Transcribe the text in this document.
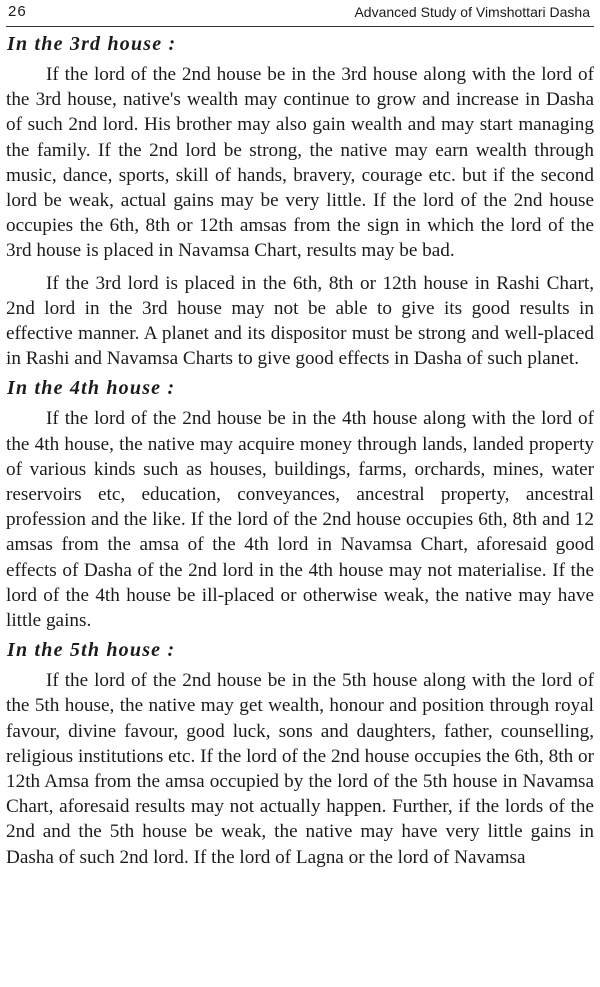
26	Advanced Study of Vimshottari Dasha
In the 3rd house :

If the lord of the 2nd house be in the 3rd house along with the lord of the 3rd house, native's wealth may continue to grow and increase in Dasha of such 2nd lord. His brother may also gain wealth and may start managing the family. If the 2nd lord be strong, the native may earn wealth through music, dance, sports, skill of hands, bravery, courage etc. but if the second lord be weak, actual gains may be very little. If the lord of the 2nd house occupies the 6th, 8th or 12th amsas from the sign in which the lord of the 3rd house is placed in Navamsa Chart, results may be bad.

If the 3rd lord is placed in the 6th, 8th or 12th house in Rashi Chart, 2nd lord in the 3rd house may not be able to give its good results in effective manner. A planet and its dispositor must be strong and well-placed in Rashi and Navamsa Charts to give good effects in Dasha of such planet.

In the 4th house :

If the lord of the 2nd house be in the 4th house along with the lord of the 4th house, the native may acquire money through lands, landed property of various kinds such as houses, buildings, farms, orchards, mines, water reservoirs etc, education, conveyances, ancestral property, ancestral profession and the like. If the lord of the 2nd house occupies 6th, 8th and 12 amsas from the amsa of the 4th lord in Navamsa Chart, aforesaid good effects of Dasha of the 2nd lord in the 4th house may not materialise. If the lord of the 4th house be ill-placed or otherwise weak, the native may have little gains.

In the 5th house :

If the lord of the 2nd house be in the 5th house along with the lord of the 5th house, the native may get wealth, honour and position through royal favour, divine favour, good luck, sons and daughters, father, counselling, religious institutions etc. If the lord of the 2nd house occupies the 6th, 8th or 12th Amsa from the amsa occupied by the lord of the 5th house in Navamsa Chart, aforesaid results may not actually happen. Further, if the lords of the 2nd and the 5th house be weak, the native may have very little gains in Dasha of such 2nd lord. If the lord of Lagna or the lord of Navamsa
